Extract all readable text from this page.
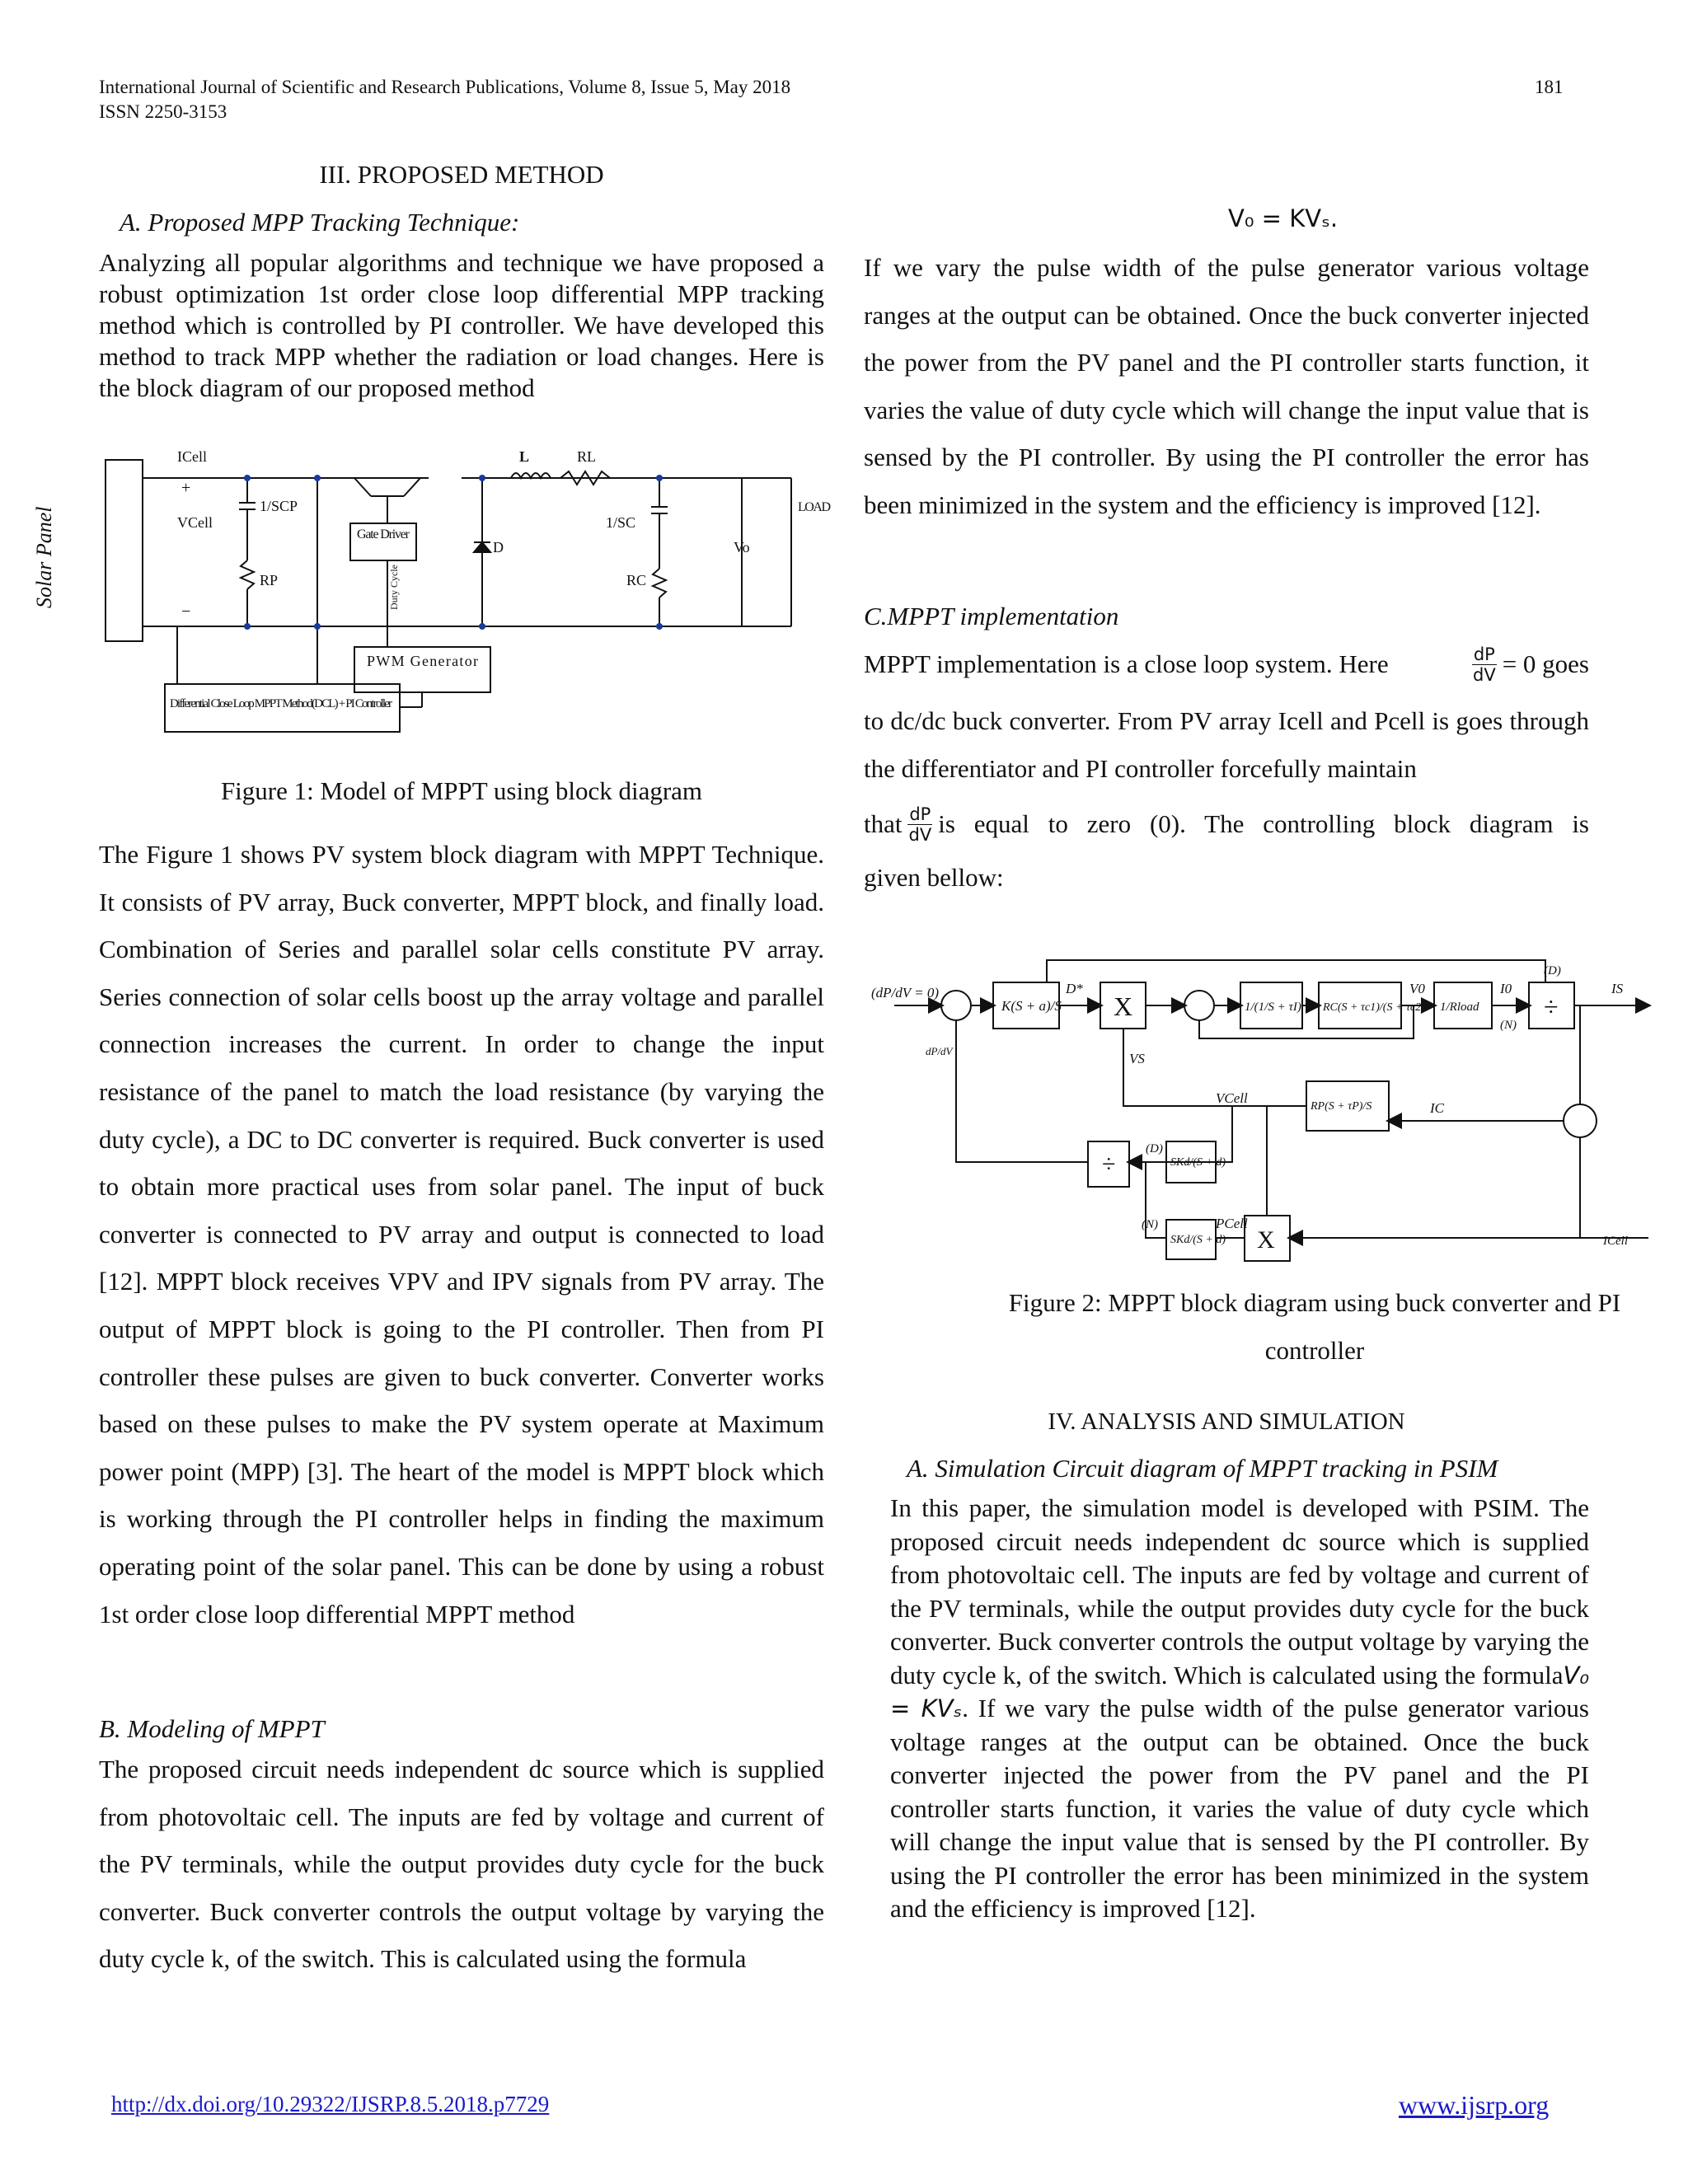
International Journal of Scientific and Research Publications, Volume 8, Issue 5, May 2018
ISSN 2250-3153
181
III. PROPOSED METHOD
A. Proposed MPP Tracking Technique:
Analyzing all popular algorithms and technique we have proposed a robust optimization 1st order close loop differential MPP tracking method which is controlled by PI controller. We have developed this method to track MPP whether the radiation or load changes. Here is the block diagram of our proposed method
Solar Panel
ICell
VCell
1/SCP
RP
Gate Driver
Duty Cycle
D
L	RL
1/SC
RC
Vo
LOAD
PWM Generator
Differential Close Loop MPPT Method(DCL) + PI Controller
+
−
Figure 1: Model of MPPT using block diagram
The Figure 1 shows PV system block diagram with MPPT Technique. It consists of PV array, Buck converter, MPPT block, and finally load. Combination of Series and parallel solar cells constitute PV array. Series connection of solar cells boost up the array voltage and parallel connection increases the current. In order to change the input resistance of the panel to match the load resistance (by varying the duty cycle), a DC to DC converter is required. Buck converter is used to obtain more practical uses from solar panel. The input of buck converter is connected to PV array and output is connected to load [12]. MPPT block receives VPV and IPV signals from PV array. The output of MPPT block is going to the PI controller. Then from PI controller these pulses are given to buck converter. Converter works based on these pulses to make the PV system operate at Maximum power point (MPP) [3]. The heart of the model is MPPT block which is working through the PI controller helps in finding the maximum operating point of the solar panel. This can be done by using a robust 1st order close loop differential MPPT method
B. Modeling of MPPT
The proposed circuit needs independent dc source which is supplied from photovoltaic cell. The inputs are fed by voltage and current of the PV terminals, while the output provides duty cycle for the buck converter. Buck converter controls the output voltage by varying the duty cycle k, of the switch. This is calculated using the formula
V₀ = KVₛ.
If we vary the pulse width of the pulse generator various voltage ranges at the output can be obtained. Once the buck converter injected the power from the PV panel and the PI controller starts function, it varies the value of duty cycle which will change the input value that is sensed by the PI controller. By using the PI controller the error has been minimized in the system and the efficiency is improved [12].
C.MPPT implementation
MPPT implementation is a close loop system. Here	$\frac{dP}{dV} = 0$ goes
to dc/dc buck converter. From PV array Icell and Pcell is goes through the differentiator and PI controller forcefully maintain
that $\frac{dP}{dV}$ is equal to zero (0). The controlling block diagram is
given bellow:
(dP/dV = 0)
K(S + a)/S
D*
X	1/(1/S + τI) RC(S + τc1)/(S + τc2)
V0
1/Rload
I0
(N)
(D)
÷
IS
VS
VCell
RP(S + τP)/S	IC
SKd/(S + d)
÷
(D)
SKd/(S + d)
(N)	PCell
X	ICell
dP/dV
Figure 2: MPPT block diagram using buck converter and PI controller
IV. ANALYSIS AND SIMULATION
A. Simulation Circuit diagram of MPPT tracking in PSIM
In this paper, the simulation model is developed with PSIM. The proposed circuit needs independent dc source which is supplied from photovoltaic cell. The inputs are fed by voltage and current of the PV terminals, while the output provides duty cycle for the buck converter. Buck converter controls the output voltage by varying the duty cycle k, of the switch. Which is calculated using the formulaV₀ = KVₛ. If we vary the pulse width of the pulse generator various voltage ranges at the output can be obtained. Once the buck converter injected the power from the PV panel and the PI controller starts function, it varies the value of duty cycle which will change the input value that is sensed by the PI controller. By using the PI controller the error has been minimized in the system and the efficiency is improved [12].
http://dx.doi.org/10.29322/IJSRP.8.5.2018.p7729	www.ijsrp.org
